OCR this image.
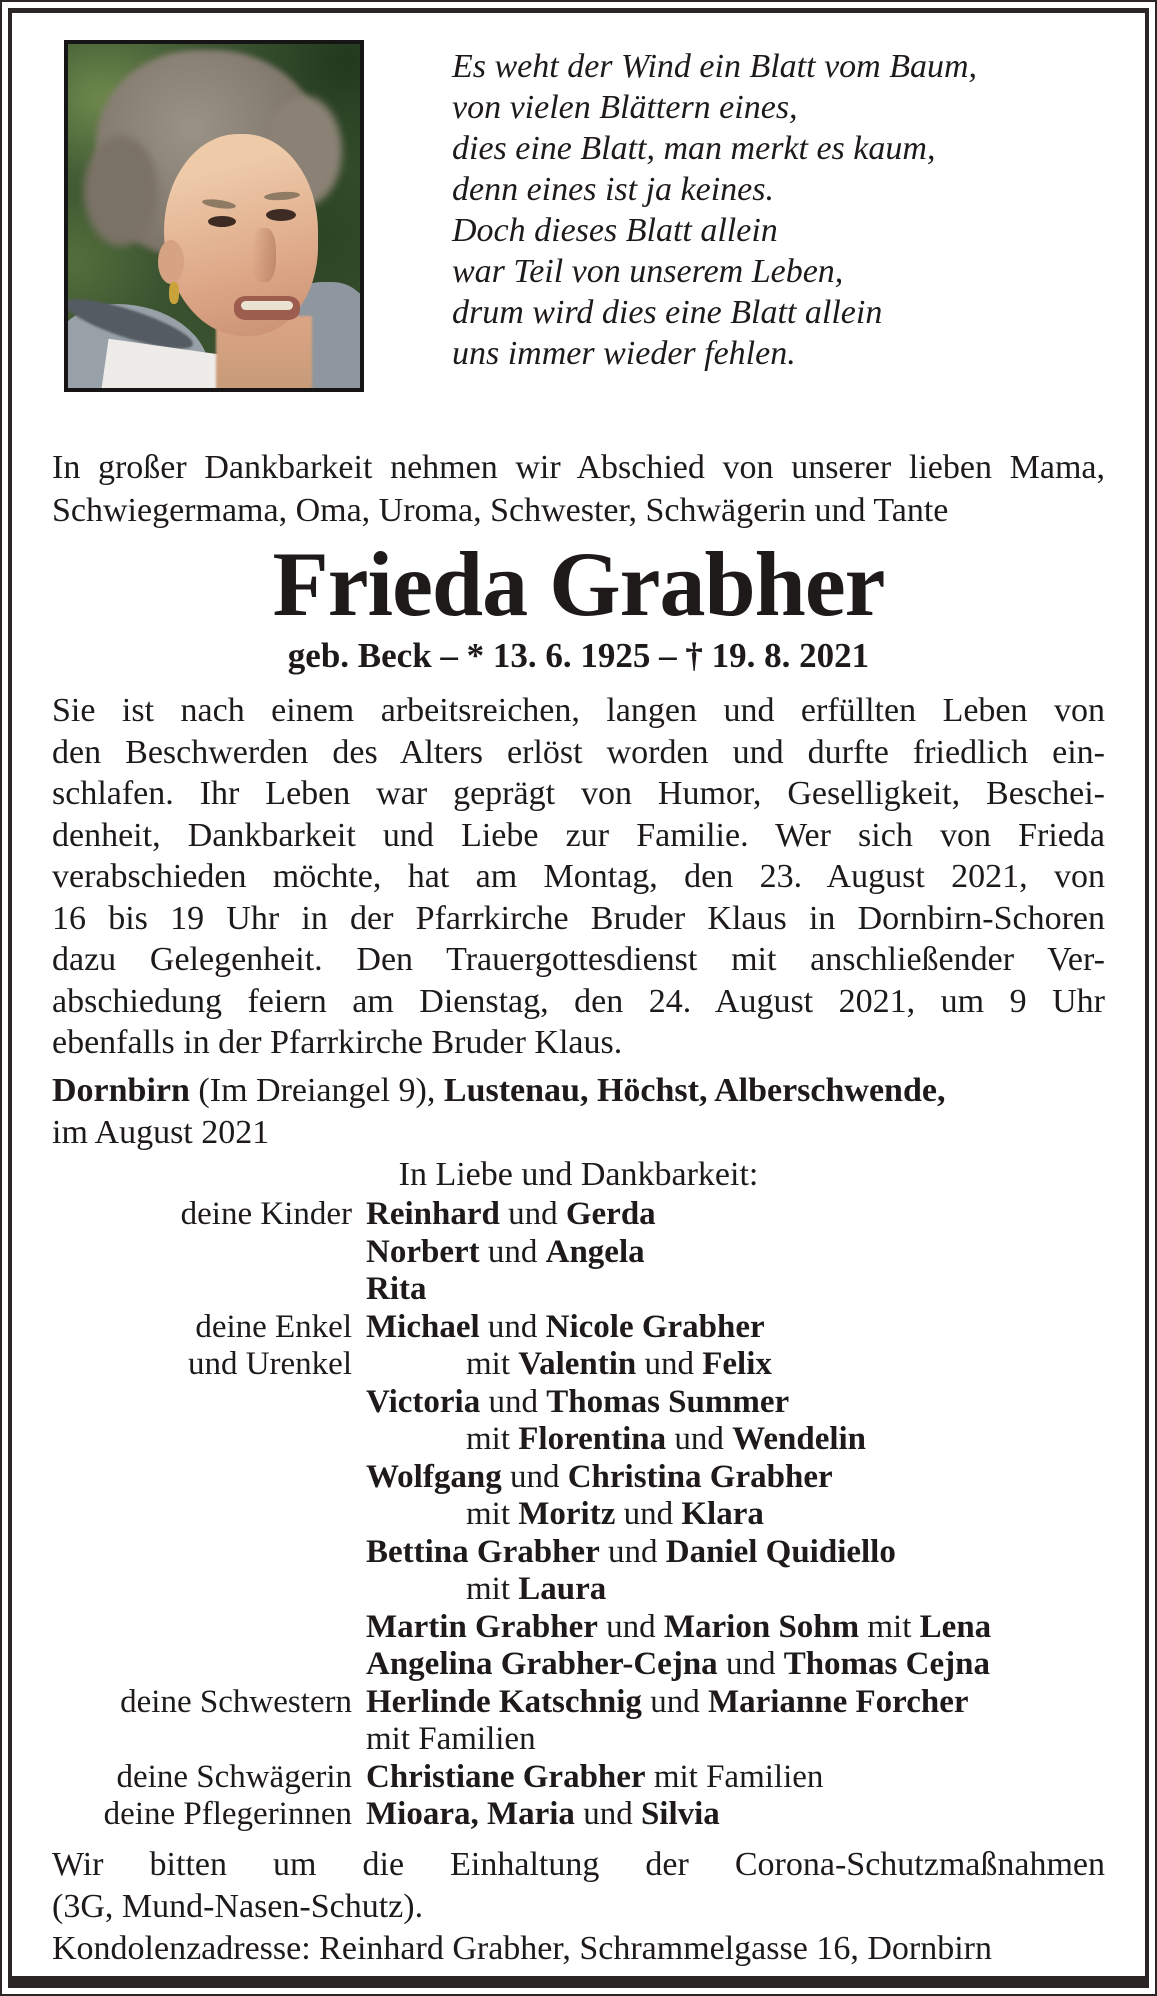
Es weht der Wind ein Blatt vom Baum,
von vielen Blättern eines,
dies eine Blatt, man merkt es kaum,
denn eines ist ja keines.
Doch dieses Blatt allein
war Teil von unserem Leben,
drum wird dies eine Blatt allein
uns immer wieder fehlen.
In großer Dankbarkeit nehmen wir Abschied von unserer lieben Mama,
Schwiegermama, Oma, Uroma, Schwester, Schwägerin und Tante
Frieda Grabher
geb. Beck – * 13. 6. 1925 – † 19. 8. 2021
Sie ist nach einem arbeitsreichen, langen und erfüllten Leben von
den Beschwerden des Alters erlöst worden und durfte friedlich ein-
schlafen. Ihr Leben war geprägt von Humor, Geselligkeit, Beschei-
denheit, Dankbarkeit und Liebe zur Familie. Wer sich von Frieda
verabschieden möchte, hat am Montag, den 23. August 2021, von
16 bis 19 Uhr in der Pfarrkirche Bruder Klaus in Dornbirn-Schoren
dazu Gelegenheit. Den Trauergottesdienst mit anschließender Ver-
abschiedung feiern am Dienstag, den 24. August 2021, um 9 Uhr
ebenfalls in der Pfarrkirche Bruder Klaus.
Dornbirn (Im Dreiangel 9), Lustenau, Höchst, Alberschwende,
im August 2021
In Liebe und Dankbarkeit:
deine Kinder Reinhard und Gerda
Norbert und Angela
Rita
deine Enkel Michael und Nicole Grabher
und Urenkel	mit Valentin und Felix
Victoria und Thomas Summer
mit Florentina und Wendelin
Wolfgang und Christina Grabher
mit Moritz und Klara
Bettina Grabher und Daniel Quidiello
mit Laura
Martin Grabher und Marion Sohm mit Lena
Angelina Grabher-Cejna und Thomas Cejna
deine Schwestern Herlinde Katschnig und Marianne Forcher
mit Familien
deine Schwägerin Christiane Grabher mit Familien
deine Pflegerinnen Mioara, Maria und Silvia
Wir bitten um die Einhaltung der Corona-Schutzmaßnahmen
(3G, Mund-Nasen-Schutz).
Kondolenzadresse: Reinhard Grabher, Schrammelgasse 16, Dornbirn
